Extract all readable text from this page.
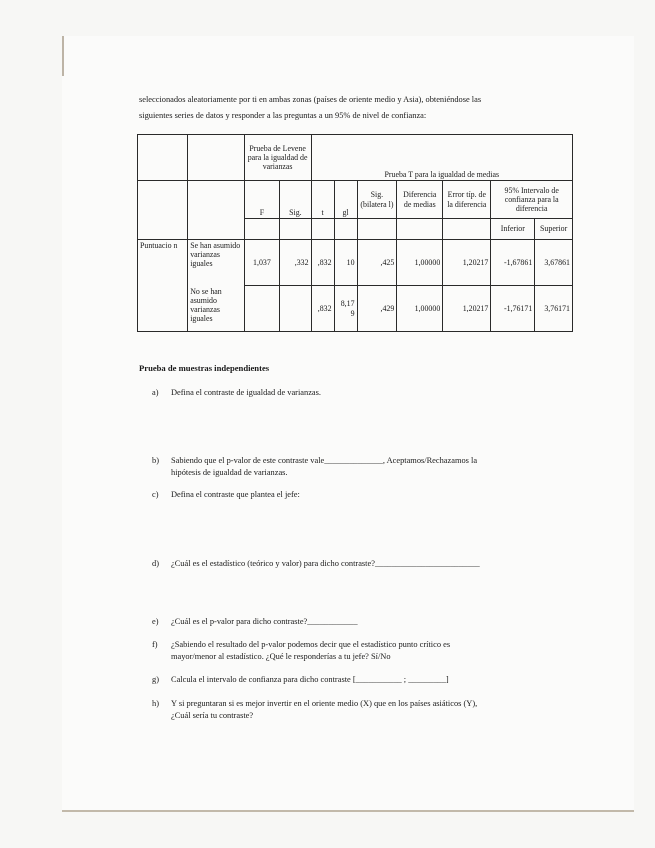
seleccionados aleatoriamente por ti en ambas zonas (países de oriente medio y Asia), obteniéndose las
siguientes series de datos y responder a las preguntas a un 95% de nivel de confianza:
		Prueba de Levene para la igualdad de varianzas		Prueba T para la igualdad de medias						
		F	Sig.	t	gl	Sig. (bilatera l)	Diferencia de medias	Error típ. de la diferencia	95% Intervalo de confianza para la diferencia	
									Inferior	Superior
Puntuacio n	Se han asumido varianzas iguales	1,037	,332	,832	10	,425	1,00000	1,20217	-1,67861	3,67861
	No se han asumido varianzas iguales			,832	8,17 9	,429	1,00000	1,20217	-1,76171	3,76171
Prueba de muestras independientes
a)	Defina el contraste de igualdad de varianzas.
b)	Sabiendo que el p-valor de este contraste vale______________, Aceptamos/Rechazamos la
hipótesis de igualdad de varianzas.
c)	Defina el contraste que plantea el jefe:
d)	¿Cuál es el estadístico (teórico y valor) para dicho contraste?_________________________
e)	¿Cuál es el p-valor para dicho contraste?____________
f)	¿Sabiendo el resultado del p-valor podemos decir que el estadístico punto crítico es
mayor/menor al estadístico. ¿Qué le responderías a tu jefe? Sí/No
g)	Calcula el intervalo de confianza para dicho contraste [___________ ; _________]
h)	Y si preguntaran si es mejor invertir en el oriente medio (X) que en los países asiáticos (Y),
¿Cuál sería tu contraste?
